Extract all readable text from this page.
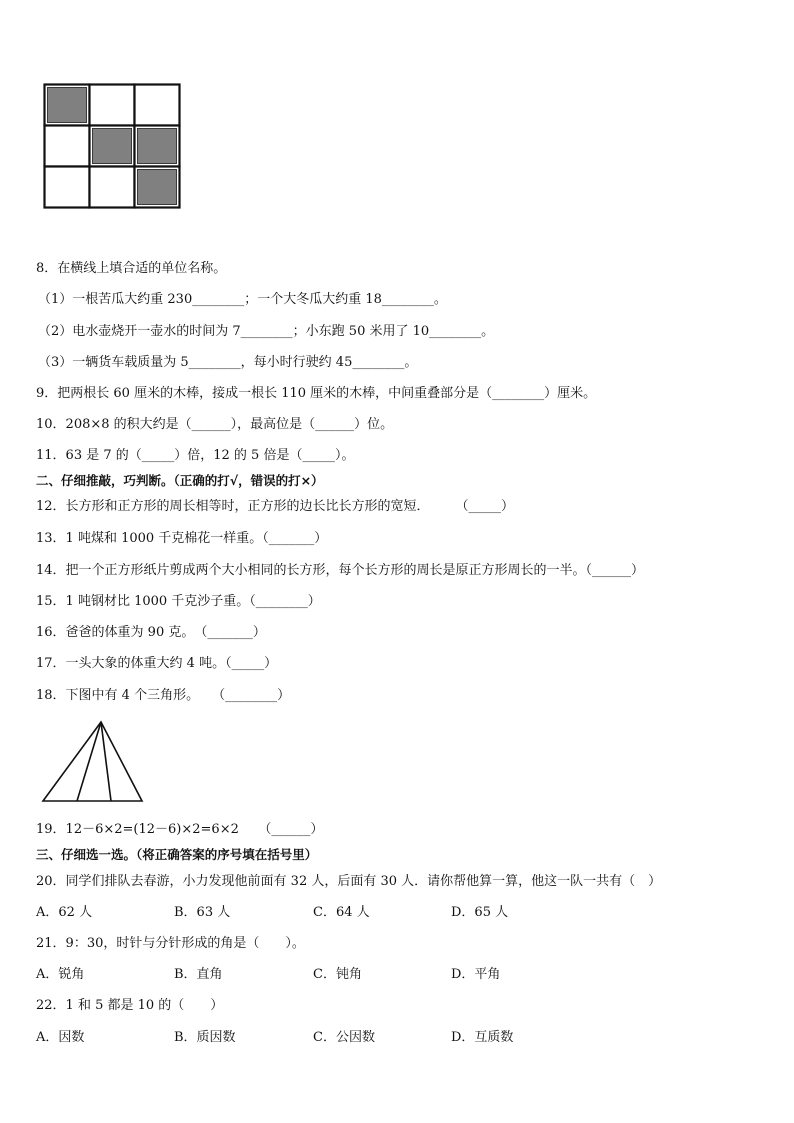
8．在横线上填合适的单位名称。
（1）一根苦瓜大约重 230________；一个大冬瓜大约重 18________。
（2）电水壶烧开一壶水的时间为 7________；小东跑 50 米用了 10________。
（3）一辆货车载质量为 5________，每小时行驶约 45________。
9．把两根长 60 厘米的木棒，接成一根长 110 厘米的木棒，中间重叠部分是（________）厘米。
10．208×8 的积大约是（______），最高位是（______）位。
11．63 是 7 的（_____）倍，12 的 5 倍是（_____）。
二、仔细推敲，巧判断。（正确的打√，错误的打×）
12．长方形和正方形的周长相等时，正方形的边长比长方形的宽短．　　　（_____）
13．1 吨煤和 1000 千克棉花一样重。（_______）
14．把一个正方形纸片剪成两个大小相同的长方形，每个长方形的周长是原正方形周长的一半。（______）
15．1 吨钢材比 1000 千克沙子重。（________）
16．爸爸的体重为 90 克。　（_______）
17．一头大象的体重大约 4 吨。（_____）
18．下图中有 4 个三角形。　　（________）
19．12－6×2=(12－6)×2=6×2　　（______）
三、仔细选一选。（将正确答案的序号填在括号里）
20．同学们排队去春游，小力发现他前面有 32 人，后面有 30 人．请你帮他算一算，他这一队一共有（　）
A．62 人	B．63 人	C．64 人	D．65 人
21．9：30，时针与分针形成的角是（　　）。
A．锐角	B．直角	C．钝角	D．平角
22．1 和 5 都是 10 的（　　）
A．因数	B．质因数	C．公因数	D．互质数
